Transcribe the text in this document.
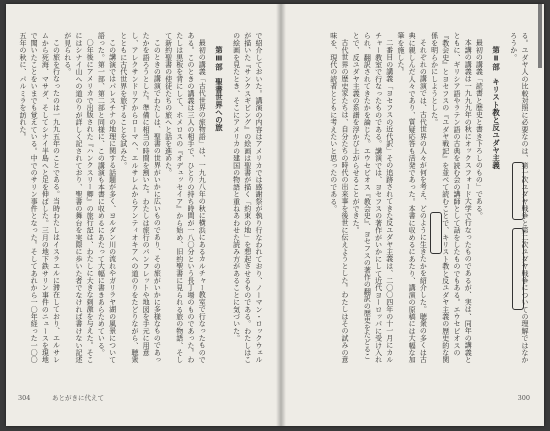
で紹介しておいた。講演の内容はアメリカでは感謝祭が執り行なわれており、ノーマン・ロックウェルが描いた『サンクスギビング』の絵画は聖書が描く「約束の地」を想起させるものである。わたしはこの絵画を見たとき、そこにアメリカの建国の物語と重ねあわせた読み方があることに気づいた。

第Ⅲ部　聖書世界への旅

最初の講義「古代世界の旅物語」は、一九九八年の秋に横浜にあるカルチャー教室で行なったものである。このときの講義は三人の相手で、ひとりの持ち時間が一八〇分という長丁場のものであった。わたしは黒板を背にして、ホメロスの『オデュッセイア』から始め、旧約聖書に見られる旅の物語、そして新約聖書の使徒たちの旅へと話を進めた。

このときの講演でわたしは、聖書の世界がいかに広いものであり、その旅がいかに多様なものであったかを語ろうとした。準備に相当の時間を割いた。わたしは旅行のパンフレットや地図を手元に用意し、アレクサンドリアからローマへ、エルサレムからアンティオキアへの道のりをたどりながら、聴衆とともに古代世界を旅することを試みた。

この講演ではパレスチナの地理に関する話題が多く、ヨルダン川の流れやガリラヤ湖の風景について語った。第一部、第二部と同様に、この講演も本書に収めるにあたって大幅に書きあらためている。

〇年後にアメリカで出版された『ハンクスリー卿』の旅行記は、わたしに大きな刺激を与えた。そこにはシナイ山への道のりが詳しく記されており、聖書の舞台を実際に歩いた者でなければ書けない記述が見られる。

この旅を行なったのは一九九五年のことである。当時わたしはイスラエルに滞在しており、エルサレムから死海、マサダ、そしてシナイ半島へと足を伸ばした。三月の地下鉄サリン事件のニュースを現地で聞いたことをいまでも覚えている。中でのサリン事件となった。そしてあれから一〇年経った一〇〇五年の秋に、パルミラを訪れた。

304	あとがきに代えて

る。ユダヤ人の比較対照に必要なのは、第一次ユダヤ戦争と第二次ユダヤ戦争についての理解ではなかろうか。

第Ⅱ部　キリスト教と反ユダヤ主義

最初の講義「読書と歴史と書き下ろしのもの」である。

本講の講義は一九九九年の秋にオックスフォード大学で行なったものであるが、実は、同年の講義とともに、ギリシア語やラテン語の古典を読む会の講師として話をしたものでもある。エウセビオスの『教会史』とヨセフスの『ユダヤ戦記』を並べて読むことで、キリスト教と反ユダヤ主義の歴史的な関係を明らかにしようとした。

それぞれの講演では、古代世界の人々が何を考え、どのように生きたかを紹介した。聴衆の多くは古典に親しんだ人々であり、質疑応答も活発であった。本書に収めるにあたり、講演の原稿には大幅な加筆を施した。

二番目の講義「ヨセフスの近代訳」その追跡されてきた反ユダヤ主義は、二〇〇四年の十一月にカルチャー教室で行なったものである。講演では、ヨセフスの著作がいかにして近代ヨーロッパに受け入れられ、翻訳されてきたかを論じた。エウセビオス『教会史』、ヨセフスの著作の翻訳の歴史をたどることで、反ユダヤ主義の系譜を浮かび上がらせることができた。

古代世界の歴史家たちは、自分たちの時代の出来事を後世に伝えようとした。わたしはその試みの意味を、現代の読者とともに考えたいと思ったのである。

300
